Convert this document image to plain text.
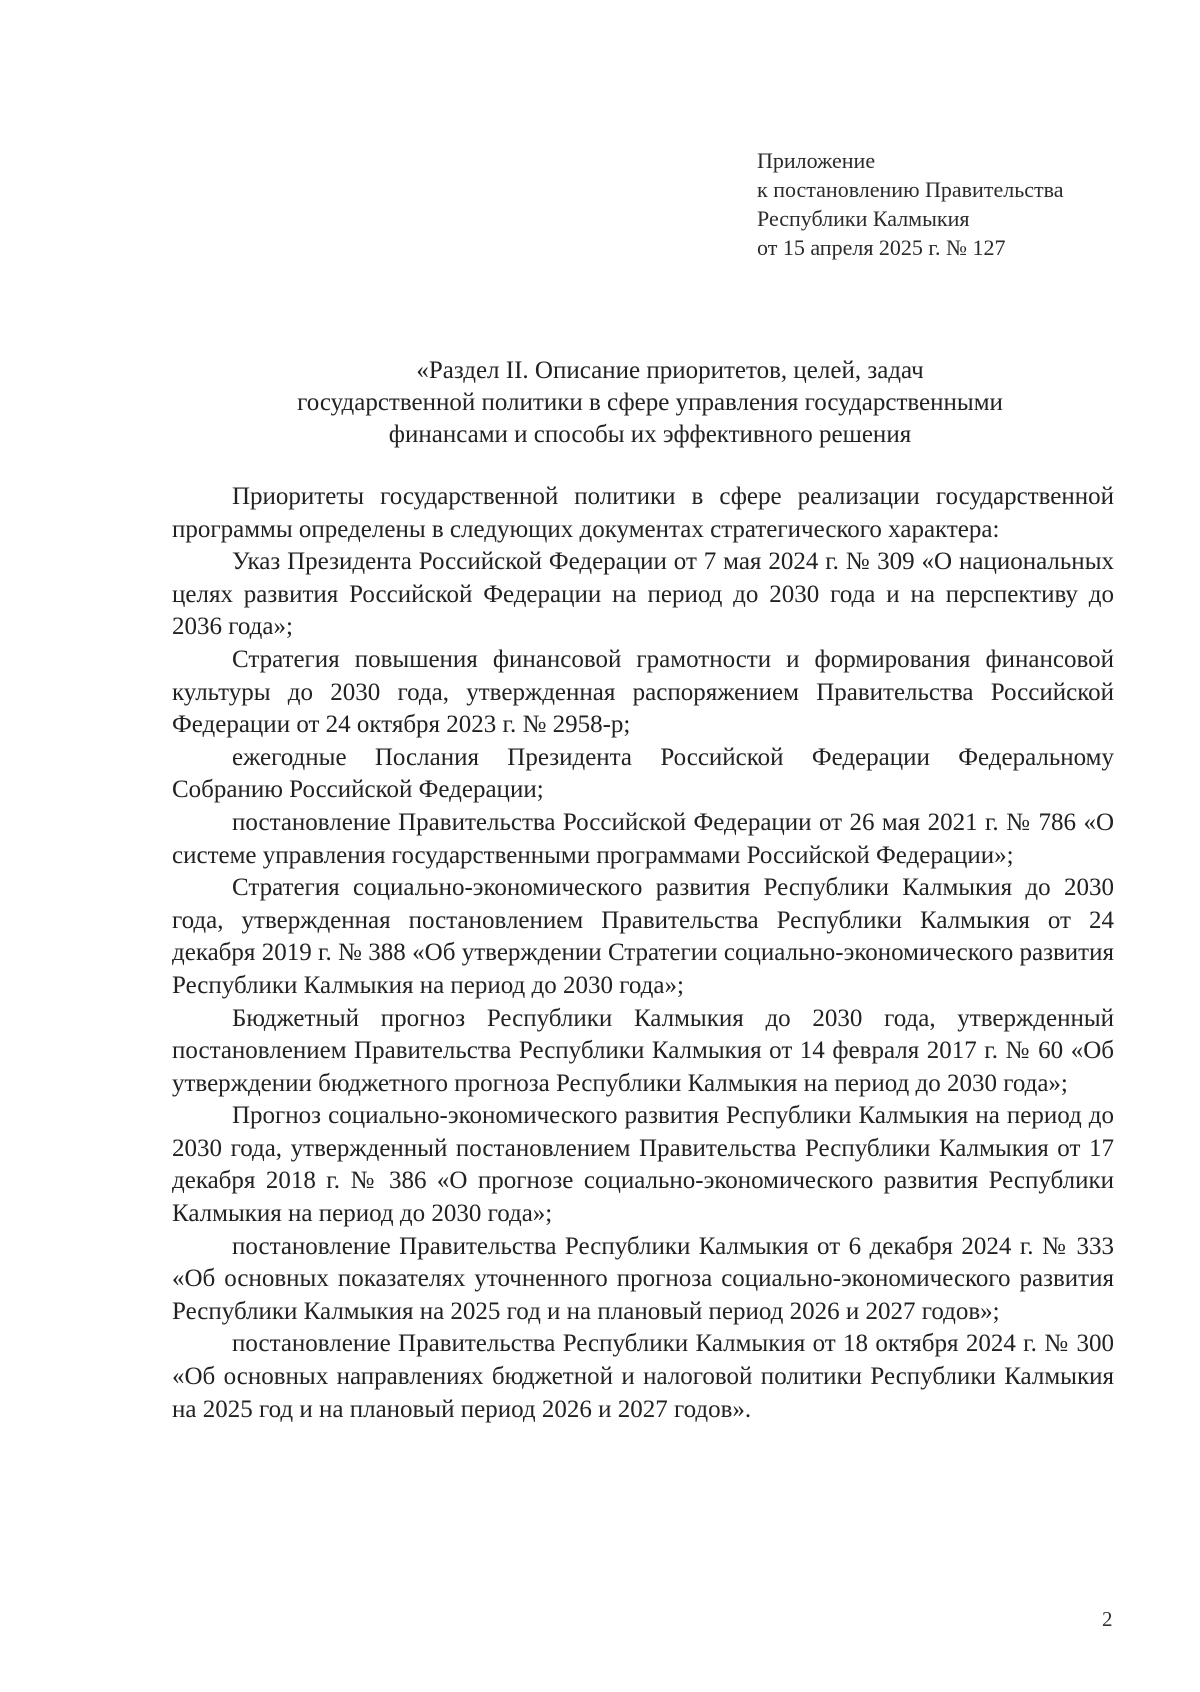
Приложение
к постановлению Правительства
Республики Калмыкия
от 15 апреля 2025 г. № 127
«Раздел II. Описание приоритетов, целей, задач
государственной политики в сфере управления государственными
финансами и способы их эффективного решения

Приоритеты государственной политики в сфере реализации государственной программы определены в следующих документах стратегического характера:

Указ Президента Российской Федерации от 7 мая 2024 г. № 309 «О национальных целях развития Российской Федерации на период до 2030 года и на перспективу до 2036 года»;

Стратегия повышения финансовой грамотности и формирования финансовой культуры до 2030 года, утвержденная распоряжением Правительства Российской Федерации от 24 октября 2023 г. № 2958-р;

ежегодные Послания Президента Российской Федерации Федеральному Собранию Российской Федерации;

постановление Правительства Российской Федерации от 26 мая 2021 г. № 786 «О системе управления государственными программами Российской Федерации»;

Стратегия социально-экономического развития Республики Калмыкия до 2030 года, утвержденная постановлением Правительства Республики Калмыкия от 24 декабря 2019 г. № 388 «Об утверждении Стратегии социально-экономического развития Республики Калмыкия на период до 2030 года»;

Бюджетный прогноз Республики Калмыкия до 2030 года, утвержденный постановлением Правительства Республики Калмыкия от 14 февраля 2017 г. № 60 «Об утверждении бюджетного прогноза Республики Калмыкия на период до 2030 года»;

Прогноз социально-экономического развития Республики Калмыкия на период до 2030 года, утвержденный постановлением Правительства Республики Калмыкия от 17 декабря 2018 г. № 386 «О прогнозе социально-экономического развития Республики Калмыкия на период до 2030 года»;

постановление Правительства Республики Калмыкия от 6 декабря 2024 г. № 333 «Об основных показателях уточненного прогноза социально-экономического развития Республики Калмыкия на 2025 год и на плановый период 2026 и 2027 годов»;

постановление Правительства Республики Калмыкия от 18 октября 2024 г. № 300 «Об основных направлениях бюджетной и налоговой политики Республики Калмыкия на 2025 год и на плановый период 2026 и 2027 годов».

2
